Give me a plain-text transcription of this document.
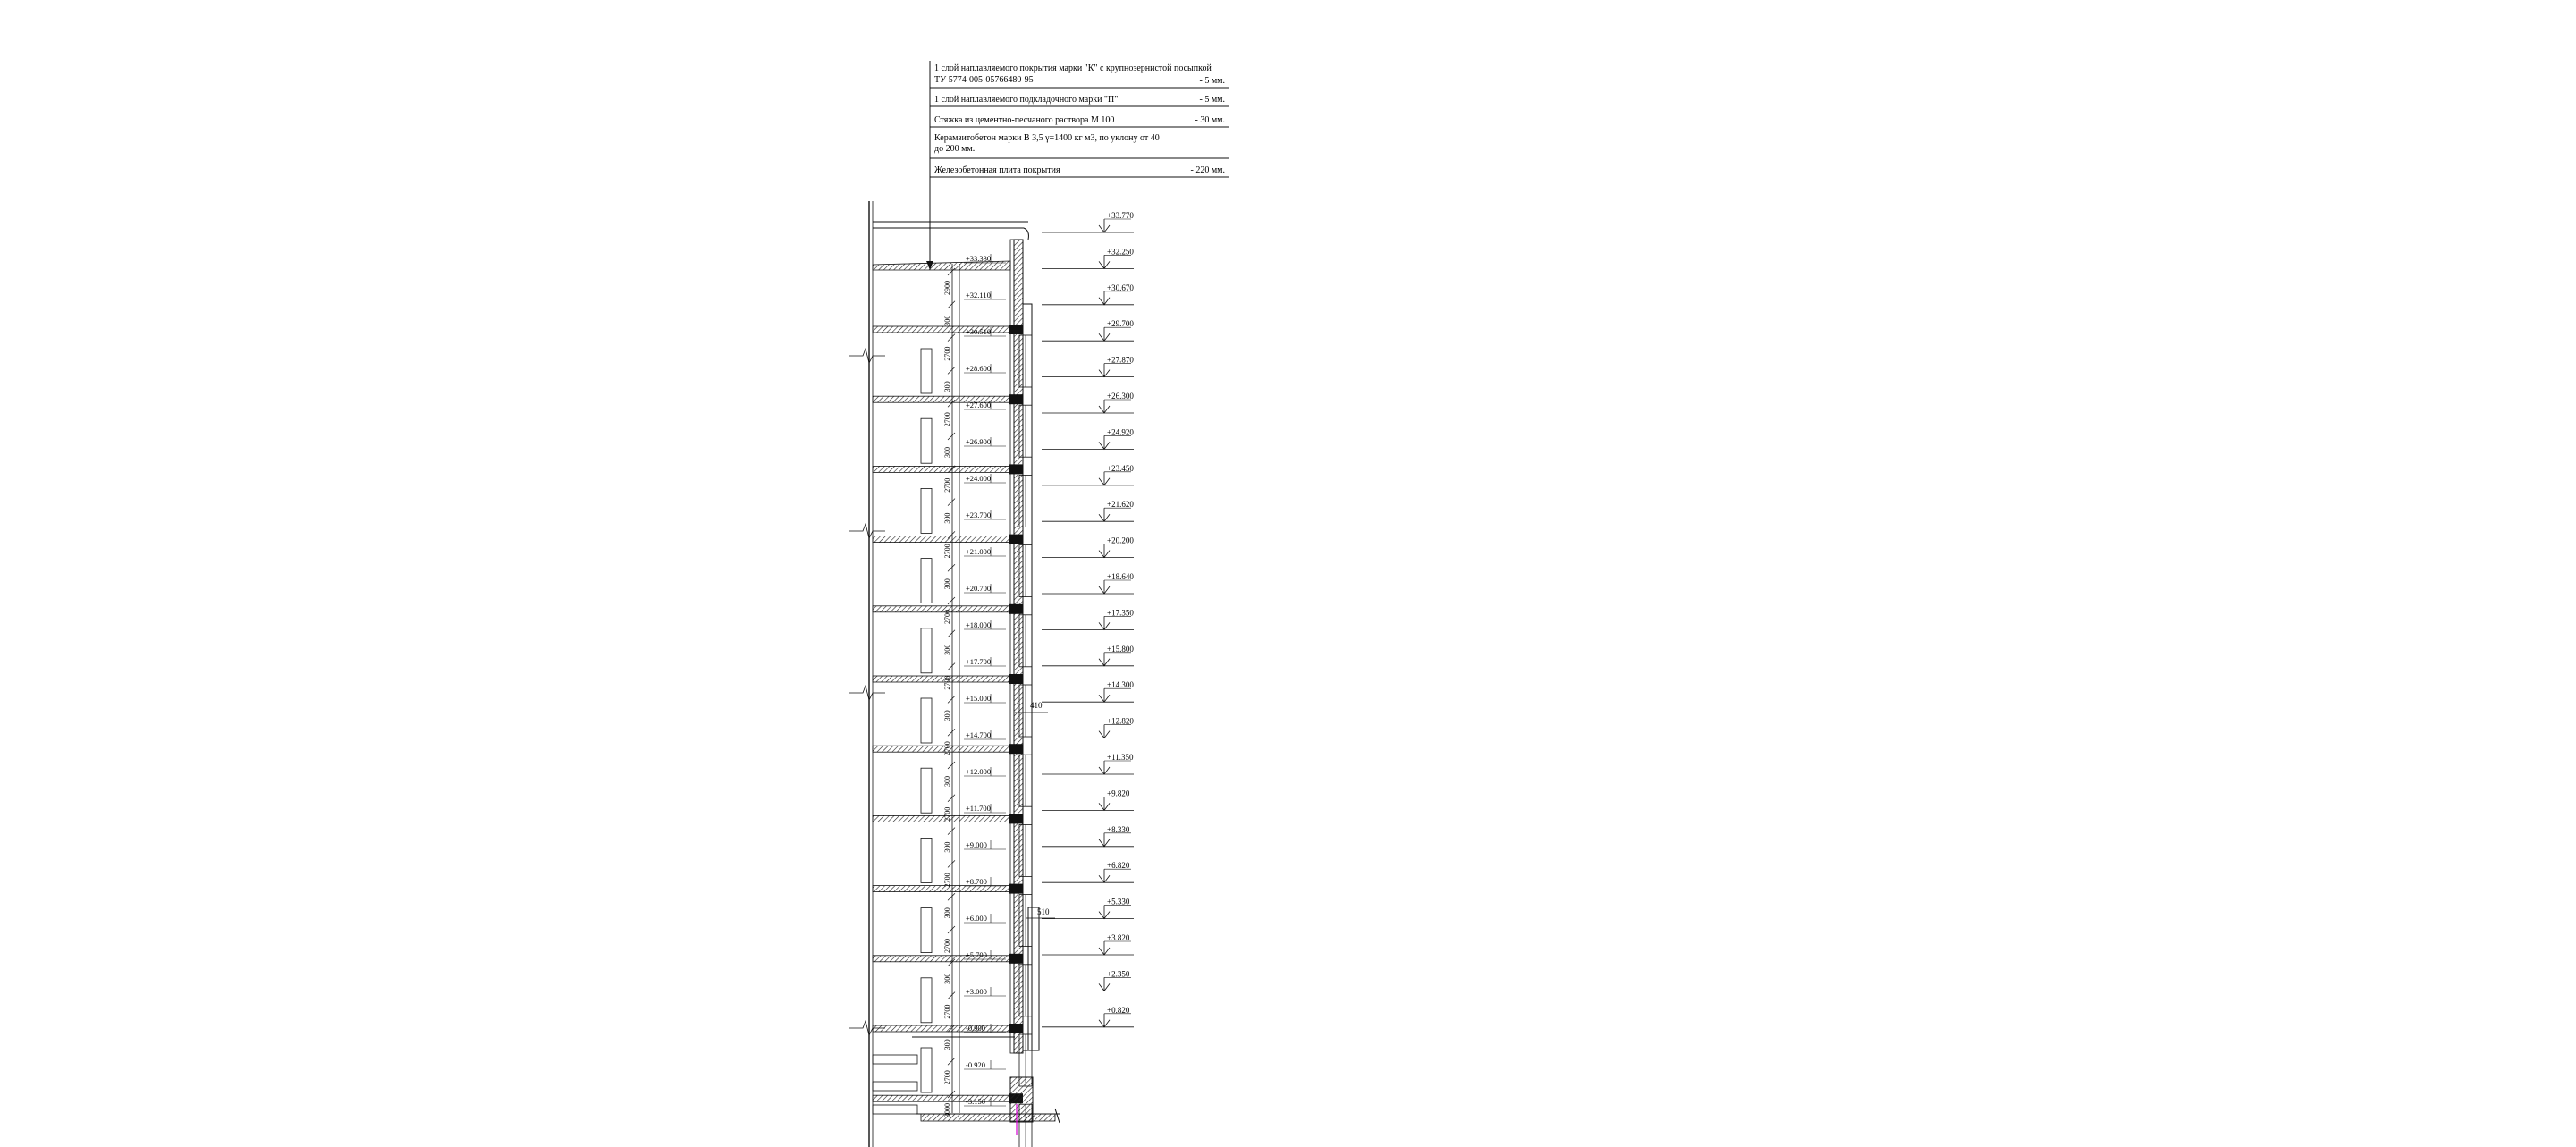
1 слой наплавляемого покрытия марки "К" с крупнозернистой посыпкой ТУ 5774-005-05766480-95	- 5 мм.
1 слой наплавляемого подкладочного марки "П"	- 5 мм.
Стяжка из цементно-песчаного раствора М 100	- 30 мм.
Керамзитобетон марки В 3,5 γ=1400 кг м3, по уклону от 40 до 200 мм.
Железобетонная плита покрытия	- 220 мм.
410
510
+33.770
+32.250
+30.670
+29.700
+27.870
+26.300
+24.920
+23.450
+21.620
+20.200
+18.640
+17.350
+15.800
+14.300
+12.820
+11.350
+9.820
+8.330
+6.820
+5.330
+3.820
+2.350
+0.820
+33.330
+32.110
+30.510
+28.600
+27.600
+26.900
+24.000
+23.700
+21.000
+20.700
+18.000
+17.700
+15.000
+14.700
+12.000
+11.700
+9.000
+8.700
+6.000
+5.700
+3.000
-0.900
-0.920
-3.150
2900
300
2700
300
2700
300
2700
300
2700
300
2700
300
2700
300
2700
300
2700
300
2700
300
2700
300
2700
300
2700
3000
